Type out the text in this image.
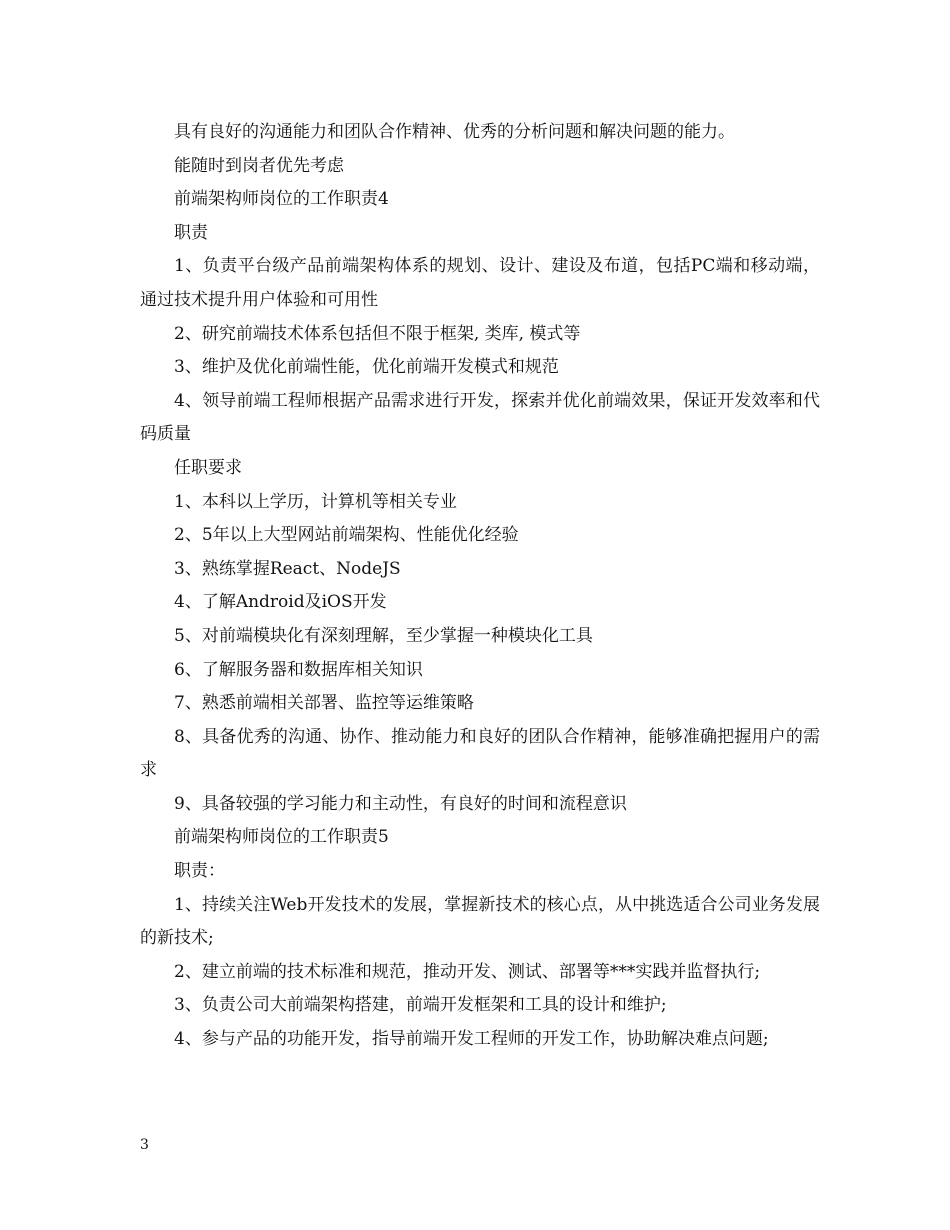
具有良好的沟通能力和团队合作精神、优秀的分析问题和解决问题的能力。

能随时到岗者优先考虑

前端架构师岗位的工作职责4

职责

1、负责平台级产品前端架构体系的规划、设计、建设及布道，包括PC端和移动端，通过技术提升用户体验和可用性

2、研究前端技术体系包括但不限于框架, 类库, 模式等

3、维护及优化前端性能，优化前端开发模式和规范

4、领导前端工程师根据产品需求进行开发，探索并优化前端效果，保证开发效率和代码质量

任职要求

1、本科以上学历，计算机等相关专业

2、5年以上大型网站前端架构、性能优化经验

3、熟练掌握React、NodeJS

4、了解Android及iOS开发

5、对前端模块化有深刻理解，至少掌握一种模块化工具

6、了解服务器和数据库相关知识

7、熟悉前端相关部署、监控等运维策略

8、具备优秀的沟通、协作、推动能力和良好的团队合作精神，能够准确把握用户的需求

9、具备较强的学习能力和主动性，有良好的时间和流程意识

前端架构师岗位的工作职责5

职责：

1、持续关注Web开发技术的发展，掌握新技术的核心点，从中挑选适合公司业务发展的新技术;

2、建立前端的技术标准和规范，推动开发、测试、部署等***实践并监督执行;

3、负责公司大前端架构搭建，前端开发框架和工具的设计和维护;

4、参与产品的功能开发，指导前端开发工程师的开发工作，协助解决难点问题;

3
